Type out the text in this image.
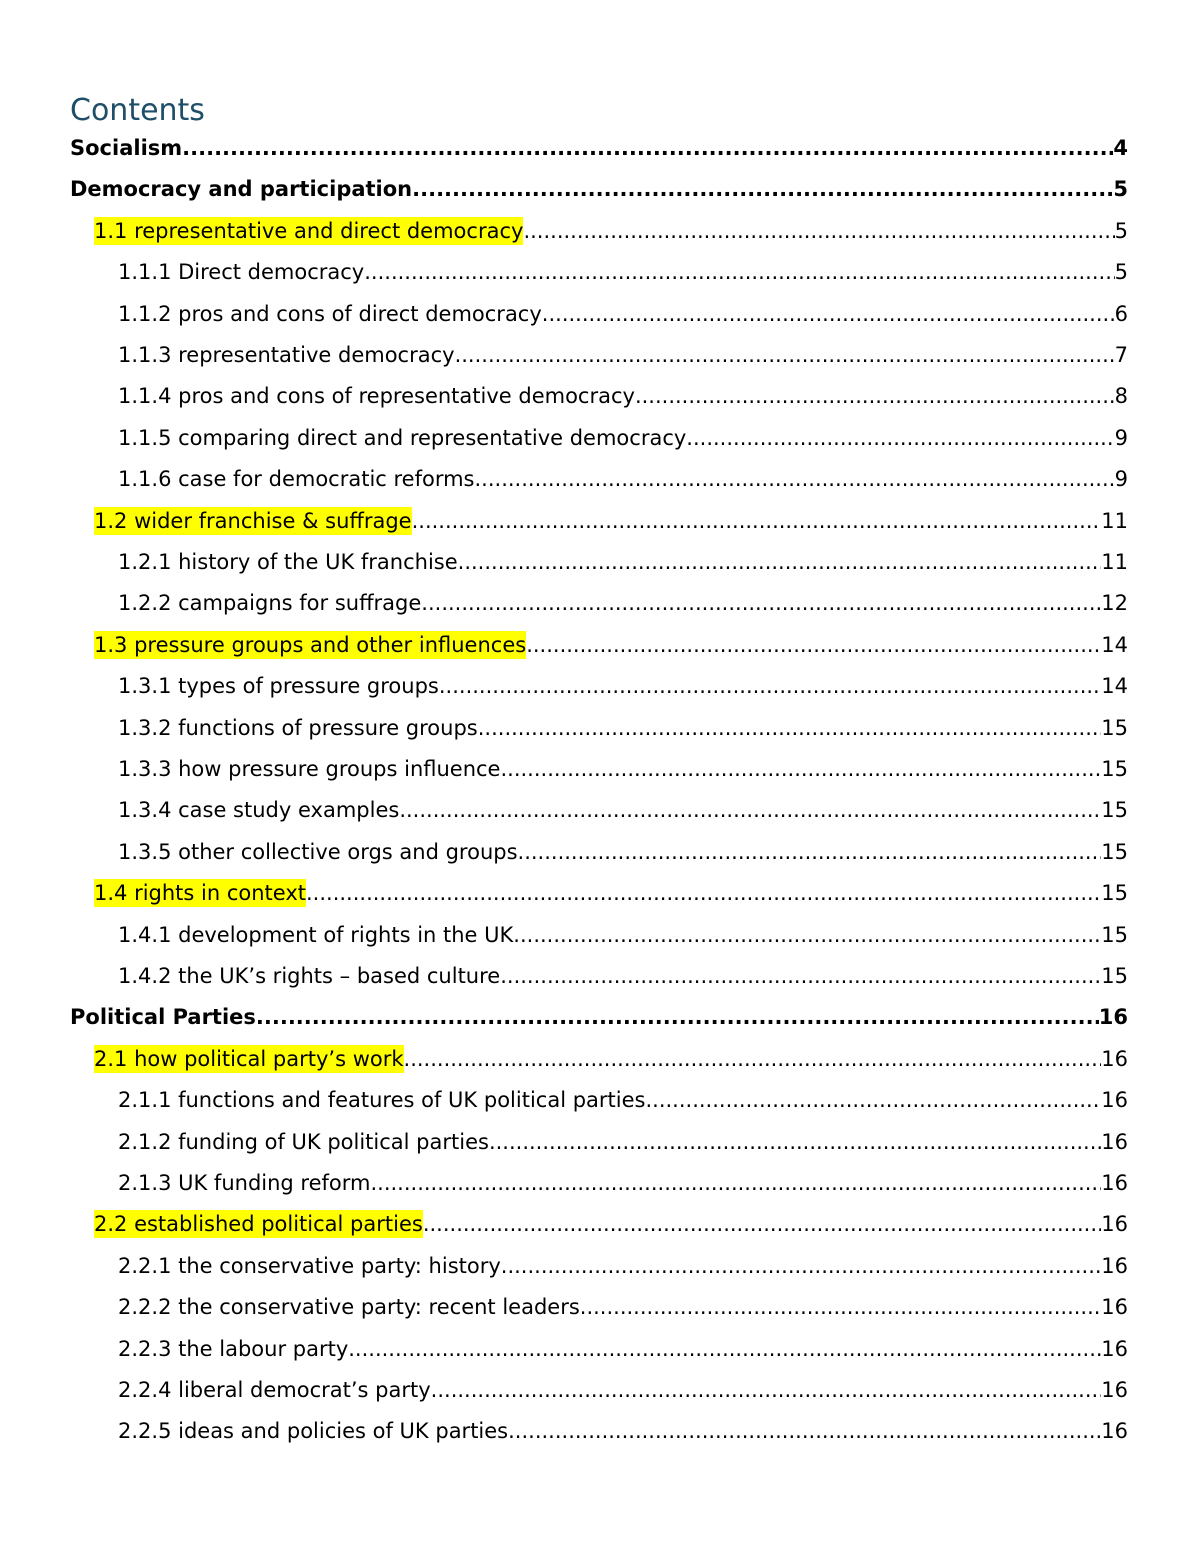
Contents
Socialism .....	4
Democracy and participation .....	5
1.1 representative and direct democracy .....	5
1.1.1 Direct democracy .....	5
1.1.2 pros and cons of direct democracy .....	6
1.1.3 representative democracy .....	7
1.1.4 pros and cons of representative democracy .....	8
1.1.5 comparing direct and representative democracy .....	9
1.1.6 case for democratic reforms .....	9
1.2 wider franchise & suffrage .....	11
1.2.1 history of the UK franchise .....	11
1.2.2 campaigns for suffrage .....	12
1.3 pressure groups and other influences .....	14
1.3.1 types of pressure groups .....	14
1.3.2 functions of pressure groups .....	15
1.3.3 how pressure groups influence .....	15
1.3.4 case study examples .....	15
1.3.5 other collective orgs and groups .....	15
1.4 rights in context .....	15
1.4.1 development of rights in the UK .....	15
1.4.2 the UK’s rights – based culture .....	15
Political Parties .....	16
2.1 how political party’s work .....	16
2.1.1 functions and features of UK political parties .....	16
2.1.2 funding of UK political parties .....	16
2.1.3 UK funding reform .....	16
2.2 established political parties .....	16
2.2.1 the conservative party: history .....	16
2.2.2 the conservative party: recent leaders .....	16
2.2.3 the labour party .....	16
2.2.4 liberal democrat’s party .....	16
2.2.5 ideas and policies of UK parties .....	16
